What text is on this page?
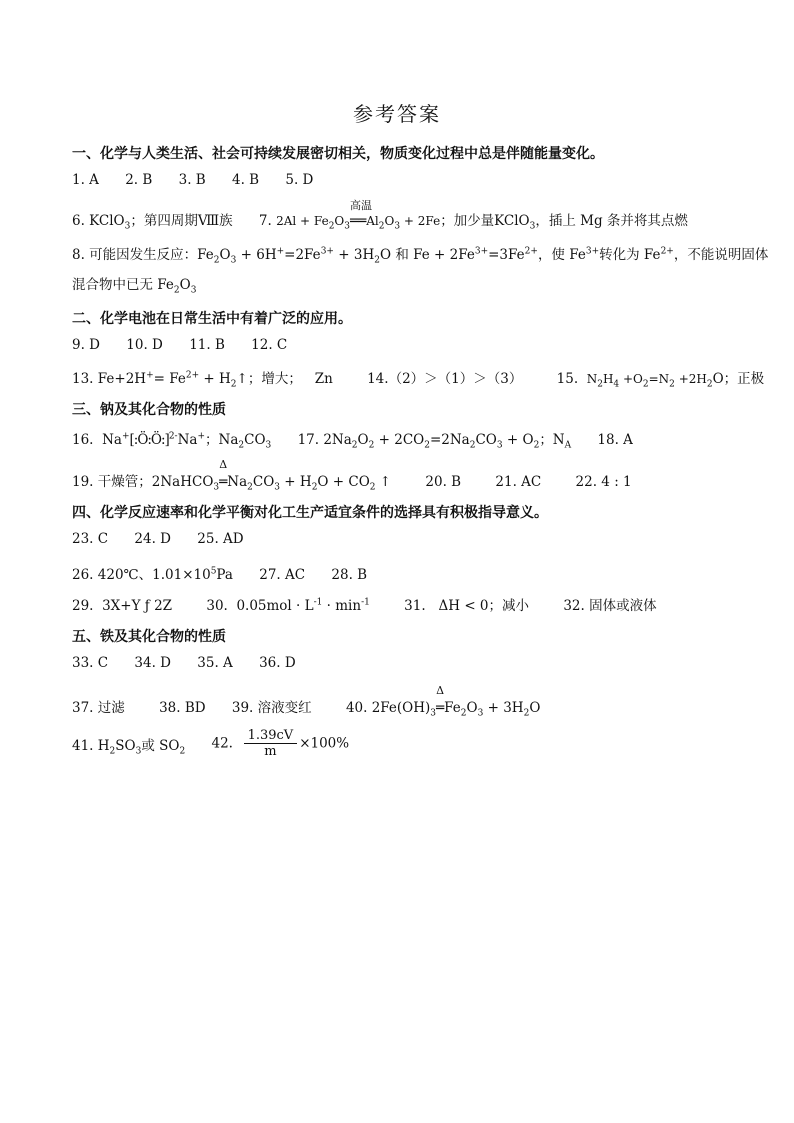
参考答案
一、化学与人类生活、社会可持续发展密切相关，物质变化过程中总是伴随能量变化。
1. A 2. B 3. B 4. B 5. D
6. KClO$_3$；第四周期Ⅷ族 7. $2Al + Fe_2O_3$
高温
$══Al_2O_3 + 2Fe$；加少量KClO$_3$，插上 Mg 条并将其点燃
8. 可能因发生反应：$Fe_2O_3 + 6H^+=2Fe^{3+} + 3H_2O$ 和 $Fe + 2Fe^{3+}=3Fe^{2+}$，使 $Fe^{3+}$转化为 $Fe^{2+}$，不能说明固体
混合物中已无 $Fe_2O_3$
二、化学电池在日常生活中有着广泛的应用。
9. D 10. D 11. B 12. C
13. $Fe+2H^+= Fe^{2+}$ + $H_2↑$；增大； Zn	14.（2）＞（1）＞（3）	15. $N_2H_4 +O_2=N_2 +2H_2O$；正极
三、钠及其化合物的性质
16. Na+[:Ö:Ö:]$^{2-}$Na+；$Na_2CO_3$ 17. $2Na_2O_2 + 2CO_2=2Na_2CO_3 + O_2$；$N_A$ 18. A
19. 干燥管；2NaHCO$_3$
Δ
$═Na_2CO_3 + H_2O + CO_2$ ↑	20. B	21. AC	22. 4 : 1
四、化学反应速率和化学平衡对化工生产适宜条件的选择具有积极指导意义。
23. C 24. D 25. AD
26. 420℃、$1.01\times 10^5Pa$ 27. AC 28. B
29. 3X+Y ƒ 2Z	30. $0.05mol \cdot L^{-1} \cdot \min^{-1}$	31. ΔH < 0；减小	32. 固体或液体
五、铁及其化合物的性质
33. C 34. D 35. A 36. D
37. 过滤	38. BD 39. 溶液变红	40. $2Fe(OH)_3$
Δ
$═Fe_2O_3 + 3H_2O$
41. $H_2SO_3$或 $SO_2$ 42. $\frac{1.39cV}{m} \times 100\%$
